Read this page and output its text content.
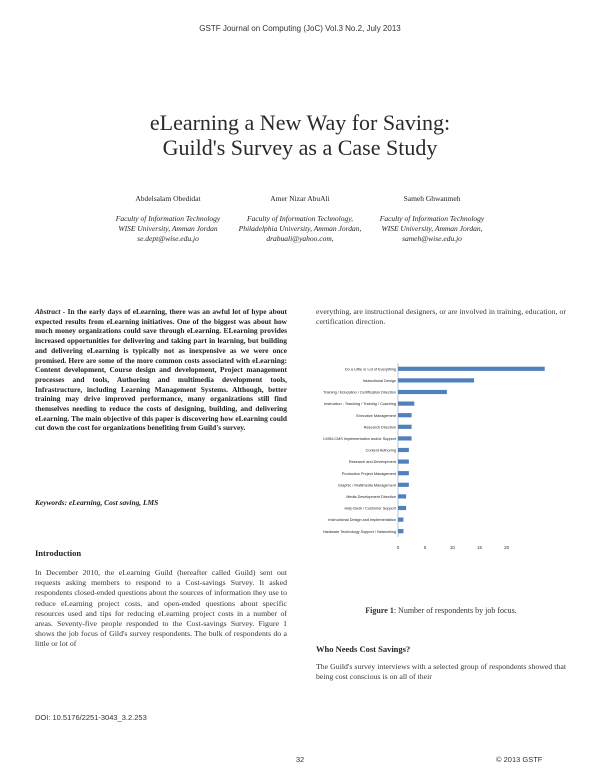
GSTF Journal on Computing (JoC) Vol.3 No.2, July 2013
eLearning a New Way for Saving:
Guild's Survey as a Case Study
Abdelsalam Obedidat
Faculty of Information Technology
WISE University, Amman Jordan
se.dept@wise.edu.jo
Amer Nizar AbuAli
Faculty of Information Technology,
Philadelphia University, Amman Jordan,
drabuali@yahoo.com,
Sameh Ghwanmeh
Faculty of Information Technology
WISE University, Amman Jordan,
sameh@wise.edu.jo
Abstract - In the early days of eLearning, there was an awful lot of hype about expected results from eLearning initiatives. One of the biggest was about how much money organizations could save through eLearning. ELearning provides increased opportunities for delivering and taking part in learning, but building and delivering eLearning is typically not as inexpensive as we were once promised. Here are some of the more common costs associated with eLearning: Content development, Course design and development, Project management processes and tools, Authoring and multimedia development tools, Infrastructure, including Learning Management Systems. Although, better training may drive improved performance, many organizations still find themselves needing to reduce the costs of designing, building, and delivering eLearning. The main objective of this paper is discovering how eLearning could cut down the cost for organizations benefiting from Guild's survey.
Keywords: eLearning, Cost saving, LMS
Introduction
In December 2010, the eLearning Guild (hereafter called Guild) sent out requests asking members to respond to a Cost-savings Survey. It asked respondents closed-ended questions about the sources of information they use to reduce eLearning project costs, and open-ended questions about specific resources used and tips for reducing eLearning project costs in a number of areas. Seventy-five people responded to the Cost-savings Survey. Figure 1 shows the job focus of Gild's survey respondents. The bulk of respondents do a little or lot of
DOI: 10.5176/2251-3043_3.2.253
everything, are instructional designers, or are involved in training, education, or certification direction.
Do a Little or Lot of Everything
Instructional Design
Training / Education / Certification Direction
Instruction - Teaching / Training / Coaching
Executive Management
Research Direction
LMS/LCMS Implementation and/or Support
Content Authoring
Research and Development
Production Project Management
Graphic / Multimedia Management
Media Development Direction
Help Desk / Customer Support
Instructional Design and Implementation
Hardware Technology Support / Networking
0	5	10	15	20
Figure 1: Number of respondents by job focus.
Who Needs Cost Savings?
The Guild's survey interviews with a selected group of respondents showed that being cost conscious is on all of their
32	© 2013 GSTF
